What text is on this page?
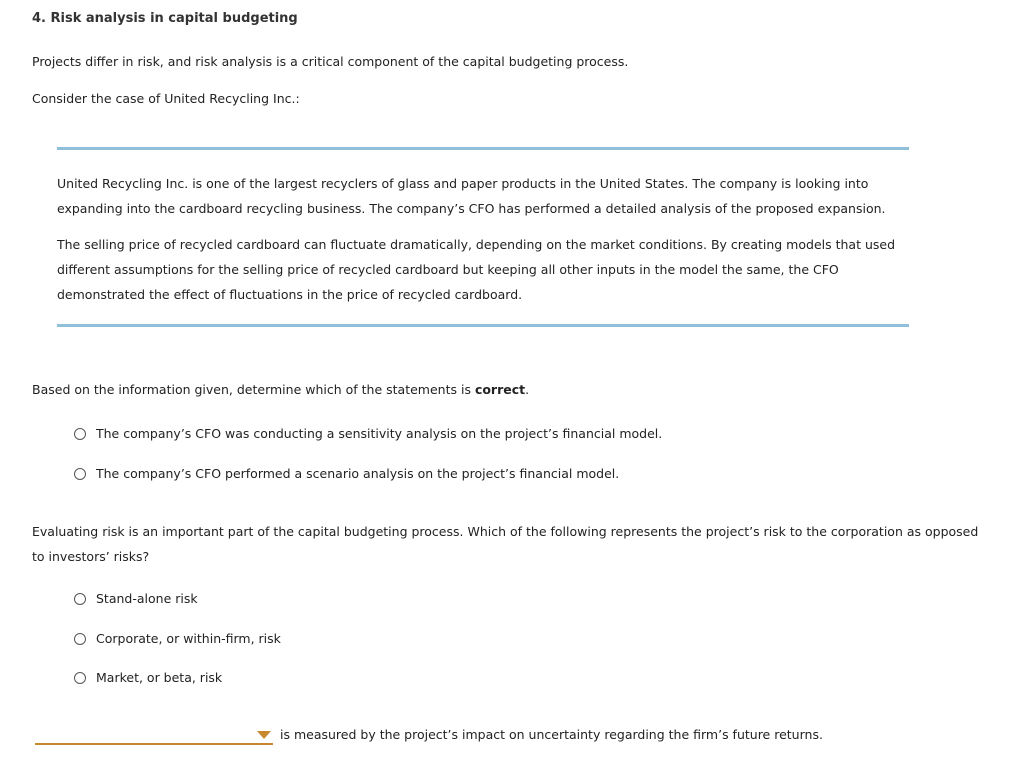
4. Risk analysis in capital budgeting
Projects differ in risk, and risk analysis is a critical component of the capital budgeting process.
Consider the case of United Recycling Inc.:
United Recycling Inc. is one of the largest recyclers of glass and paper products in the United States. The company is looking into expanding into the cardboard recycling business. The company’s CFO has performed a detailed analysis of the proposed expansion.
The selling price of recycled cardboard can fluctuate dramatically, depending on the market conditions. By creating models that used different assumptions for the selling price of recycled cardboard but keeping all other inputs in the model the same, the CFO demonstrated the effect of fluctuations in the price of recycled cardboard.
Based on the information given, determine which of the statements is correct.
The company’s CFO was conducting a sensitivity analysis on the project’s financial model.
The company’s CFO performed a scenario analysis on the project’s financial model.
Evaluating risk is an important part of the capital budgeting process. Which of the following represents the project’s risk to the corporation as opposed to investors’ risks?
Stand-alone risk
Corporate, or within-firm, risk
Market, or beta, risk
is measured by the project’s impact on uncertainty regarding the firm’s future returns.
